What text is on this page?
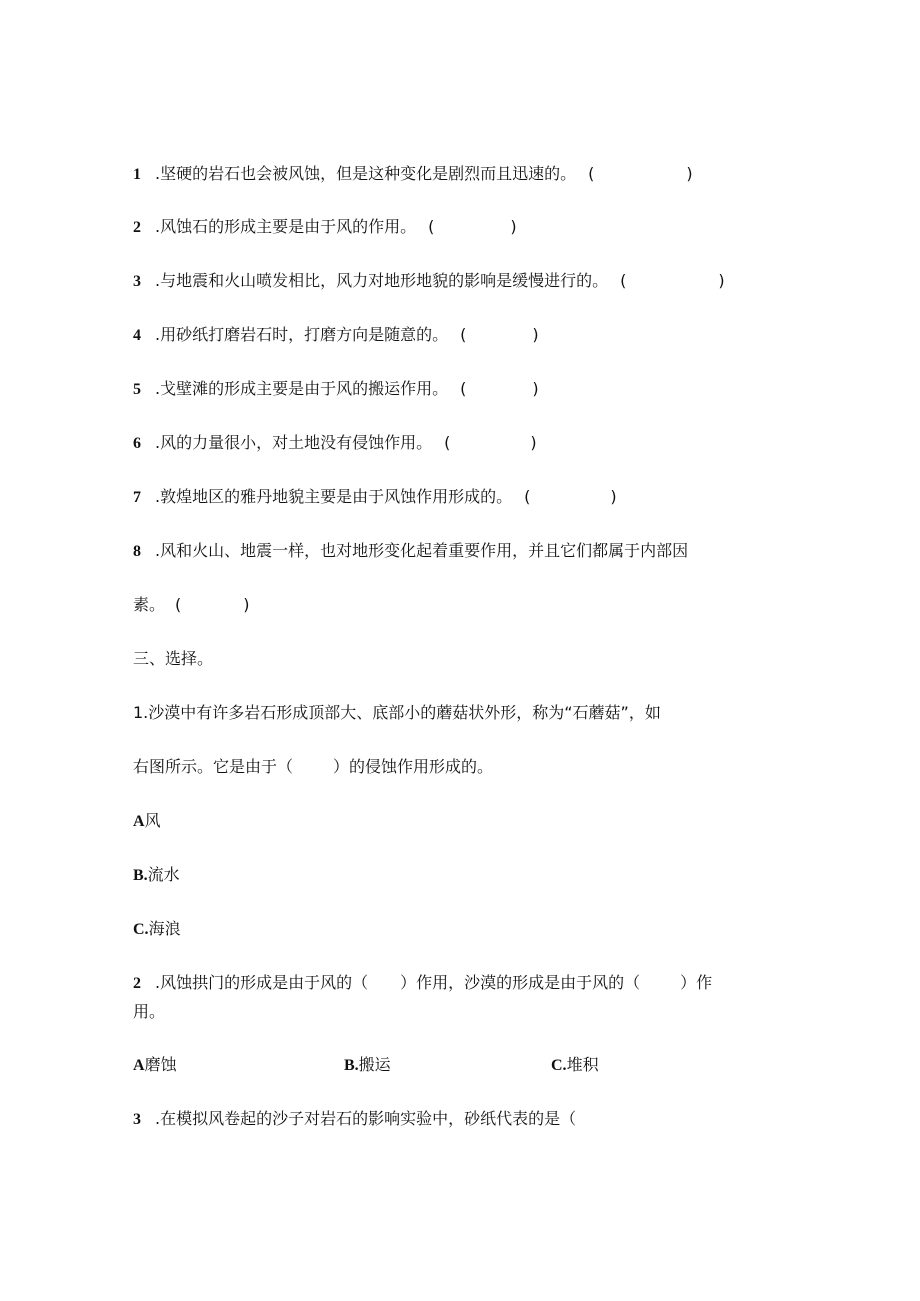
1 .坚硬的岩石也会被风蚀，但是这种变化是剧烈而且迅速的。 (	)
2 .风蚀石的形成主要是由于风的作用。 (	)
3 .与地震和火山喷发相比，风力对地形地貌的影响是缓慢进行的。 (	)
4 .用砂纸打磨岩石时，打磨方向是随意的。 (	)
5 .戈壁滩的形成主要是由于风的搬运作用。 (	)
6 .风的力量很小，对土地没有侵蚀作用。 (	)
7 .敦煌地区的雅丹地貌主要是由于风蚀作用形成的。 (	)
8 .风和火山、地震一样，也对地形变化起着重要作用，并且它们都属于内部因
素。 (	)
三、选择。
1.沙漠中有许多岩石形成顶部大、底部小的蘑菇状外形，称为“石蘑菇”，如
右图所示。它是由于（	）的侵蚀作用形成的。
A风
B.流水
C.海浪
2 .风蚀拱门的形成是由于风的（ ）作用，沙漠的形成是由于风的（	）作
用。
A磨蚀	B.搬运	C.堆积
3 .在模拟风卷起的沙子对岩石的影响实验中，砂纸代表的是（
